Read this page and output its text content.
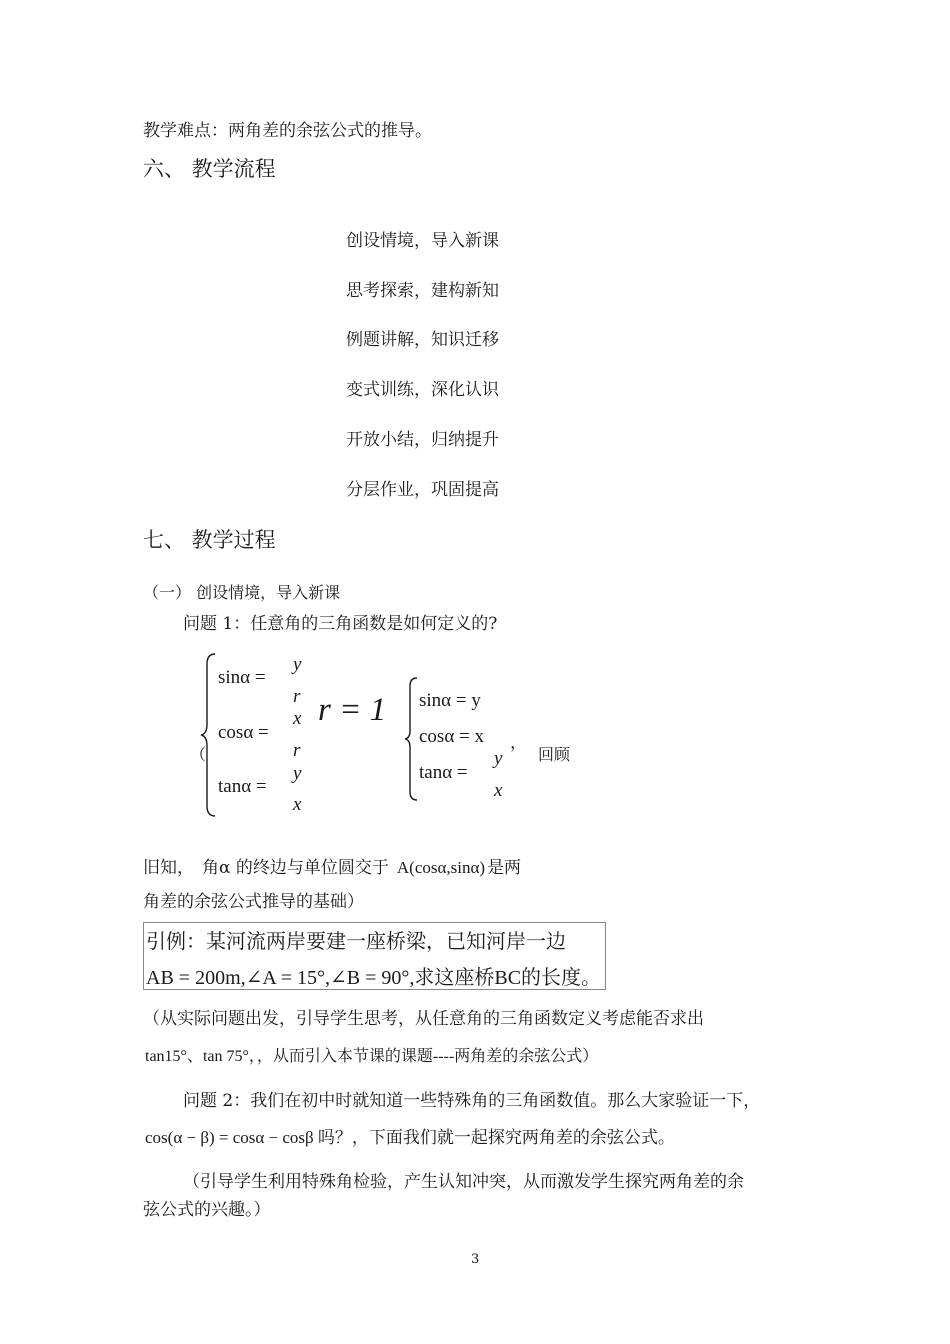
教学难点：两角差的余弦公式的推导。
六、 教学流程
创设情境，导入新课
思考探索，建构新知
例题讲解，知识迁移
变式训练，深化认识
开放小结，归纳提升
分层作业，巩固提高
七、 教学过程
（一） 创设情境，导入新课
问题 1：任意角的三角函数是如何定义的?
（
sinα =
y
r
cosα =
x
r
tanα =
y
x
r = 1 sinα = y
cosα = x
tanα =
y
x
，
回顾
旧知， 角α 的终边与单位圆交于 A(cosα,sinα) 是两
角差的余弦公式推导的基础）
引例：某河流两岸要建一座桥梁，已知河岸一边
AB = 200m,∠A = 15°,∠B = 90°,求这座桥BC的长度。
（从实际问题出发，引导学生思考，从任意角的三角函数定义考虑能否求出
tan15°、tan 75°，，从而引入本节课的课题----两角差的余弦公式）
问题 2：我们在初中时就知道一些特殊角的三角函数值。那么大家验证一下，
cos(α − β) = cosα − cosβ 吗？，下面我们就一起探究两角差的余弦公式。
（引导学生利用特殊角检验，产生认知冲突，从而激发学生探究两角差的余
弦公式的兴趣。）
3
